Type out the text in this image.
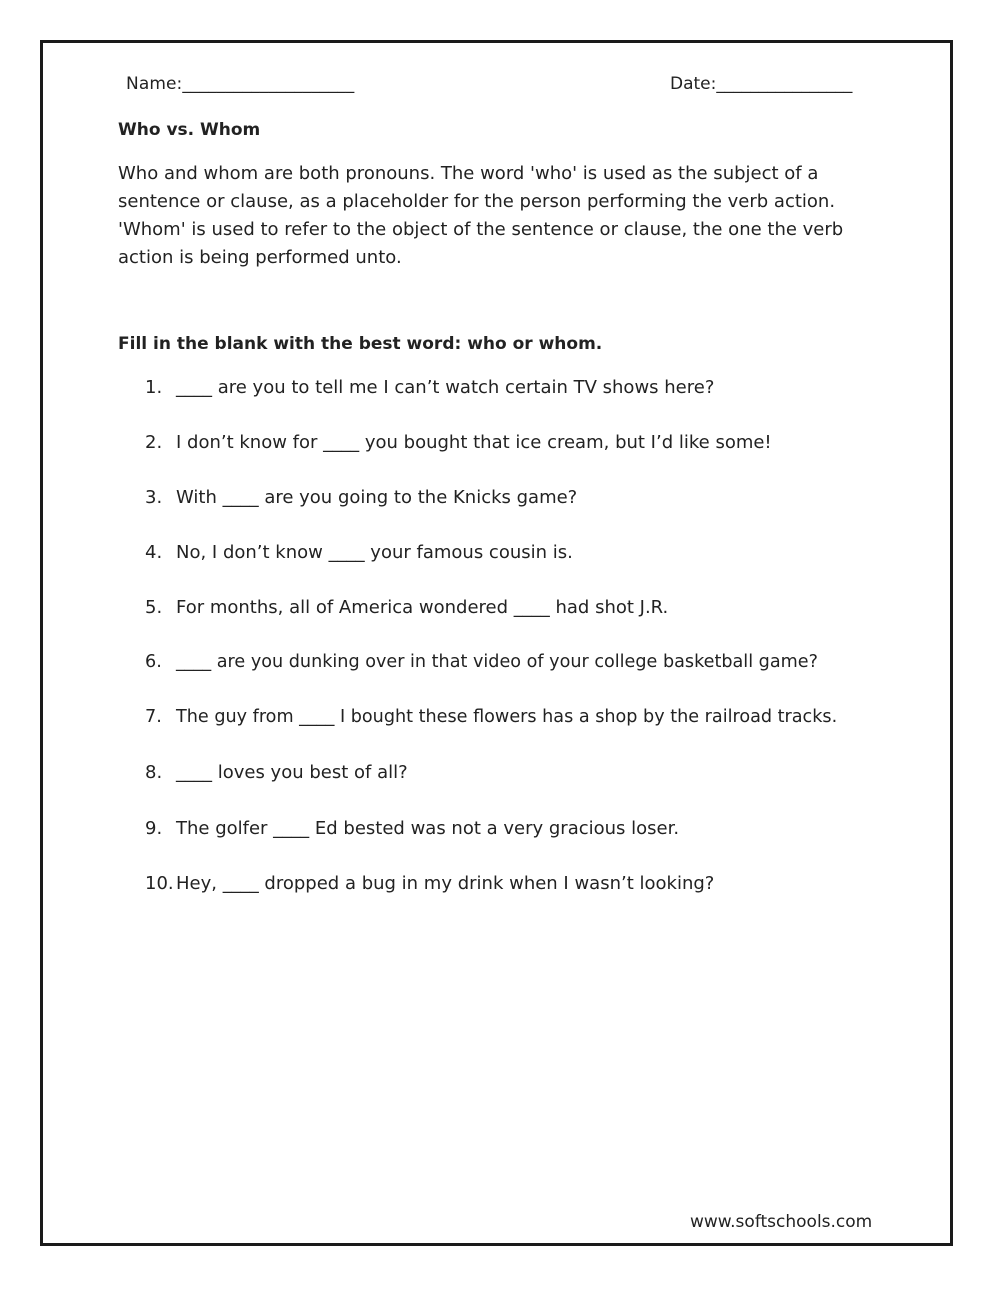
Name:____________________	Date:________________
Who vs. Whom

Who and whom are both pronouns. The word 'who' is used as the subject of a sentence or clause, as a placeholder for the person performing the verb action. 'Whom' is used to refer to the object of the sentence or clause, the one the verb action is being performed unto.

Fill in the blank with the best word: who or whom.
1. ____ are you to tell me I can’t watch certain TV shows here?
2. I don’t know for ____ you bought that ice cream, but I’d like some!
3. With ____ are you going to the Knicks game?
4. No, I don’t know ____ your famous cousin is.
5. For months, all of America wondered ____ had shot J.R.
6. ____ are you dunking over in that video of your college basketball game?
7. The guy from ____ I bought these flowers has a shop by the railroad tracks.
8. ____ loves you best of all?
9. The golfer ____ Ed bested was not a very gracious loser.
10. Hey, ____ dropped a bug in my drink when I wasn’t looking?
www.softschools.com
